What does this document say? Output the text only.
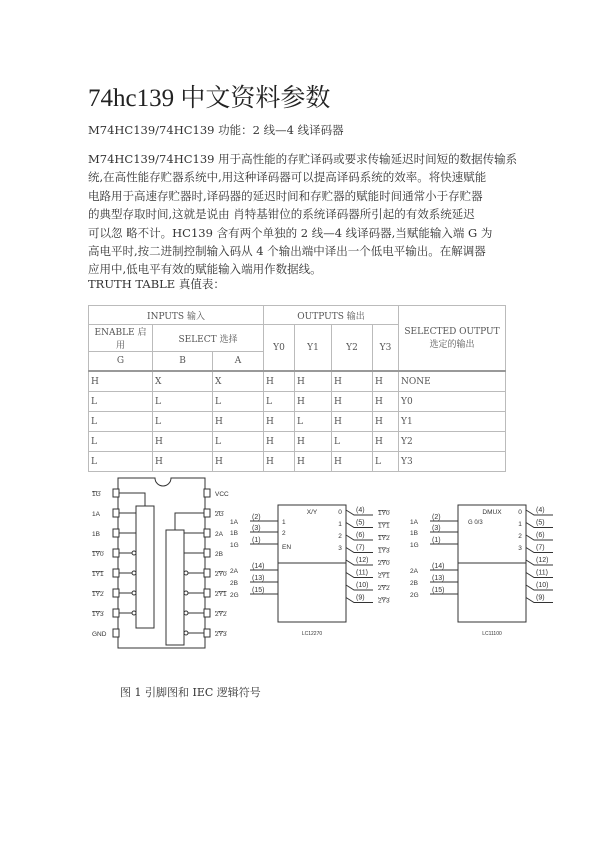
74hc139 中文资料参数
M74HC139/74HC139 功能：2 线—4 线译码器
M74HC139/74HC139 用于高性能的存贮译码或要求传输延迟时间短的数据传输系
统,在高性能存贮器系统中,用这种译码器可以提高译码系统的效率。将快速赋能
电路用于高速存贮器时,译码器的延迟时间和存贮器的赋能时间通常小于存贮器
的典型存取时间,这就是说由 肖特基钳位的系统译码器所引起的有效系统延迟
可以忽 略不计。HC139 含有两个单独的 2 线—4 线译码器,当赋能输入端 G 为
高电平时,按二进制控制输入码从 4 个输出端中译出一个低电平输出。在解调器
应用中,低电平有效的赋能输入端用作数据线。
TRUTH TABLE 真值表：
INPUTS 输入			OUTPUTS 输出				SELECTED OUTPUT 选定的输出
ENABLE 启用	SELECT 选择		Y0	Y1	Y2	Y3	
G	B	A					
H	X	X	H	H	H	H	NONE
L	L	L	L	H	H	H	Y0
L	L	H	H	L	H	H	Y1
L	H	L	H	H	L	H	Y2
L	H	H	H	H	H	L	Y3
1G	VCC
1A	2G
1B	2A
1Y0	2B
1Y1	2Y0
1Y2	2Y1
1Y3	2Y2
GND	2Y3
X/Y
1A
(2)
1B
(3)
1G
(1)
2A
(14)
2B
(13)
2G
(15)
(4) 1Y0
0
(5) 1Y1
1
(6) 1Y2
2
(7) 1Y3
3
(12) 2Y0
(11) 2Y1
(10) 2Y2
(9) 2Y3
1
2
EN
LC12270
DMUX
1A
(2)
1B
(3)
1G
(1)
2A
(14)
2B
(13)
2G
(15)
(4)
0
(5)
1
(6)
2
(7)
3
(12)
(11)
(10)
(9)
G 0/3
LC11100
图 1 引脚图和 IEC 逻辑符号
